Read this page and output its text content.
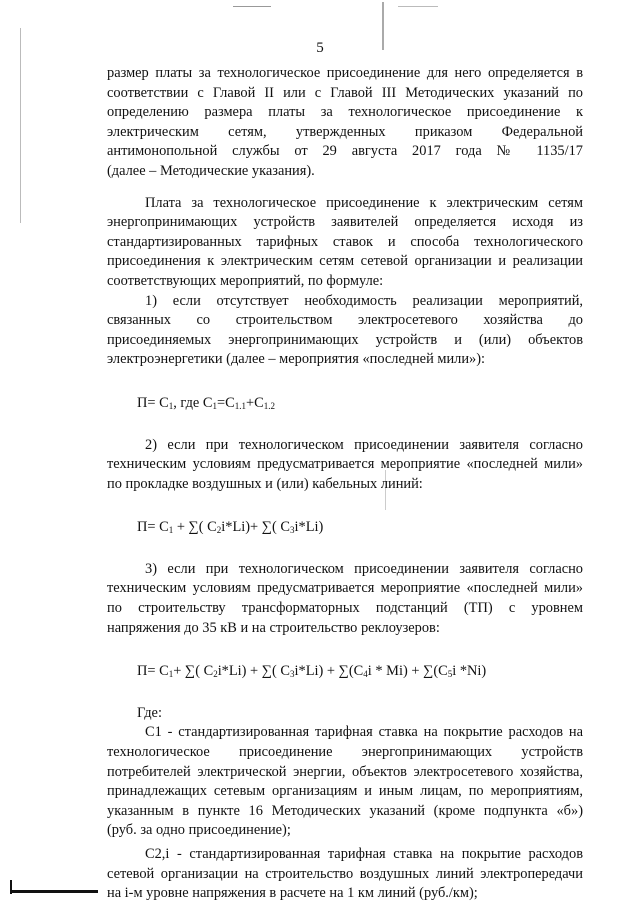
5

размер платы за технологическое присоединение для него определяется в

соответствии с Главой II или с Главой III Методических указаний по

определению размера платы за технологическое присоединение к

электрическим сетям, утвержденных приказом Федеральной

антимонопольной службы от 29 августа 2017 года № 1135/17

(далее – Методические указания).

Плата за технологическое присоединение к электрическим сетям

энергопринимающих устройств заявителей определяется исходя из

стандартизированных тарифных ставок и способа технологического

присоединения к электрическим сетям сетевой организации и реализации

соответствующих мероприятий, по формуле:

1) если отсутствует необходимость реализации мероприятий,

связанных со строительством электросетевого хозяйства до

присоединяемых энергопринимающих устройств и (или) объектов

электроэнергетики (далее – мероприятия «последней мили»):

$П= С_1$, где $С_1=С_{1.1}+С_{1.2}$

2) если при технологическом присоединении заявителя согласно

техническим условиям предусматривается мероприятие «последней мили»

по прокладке воздушных и (или) кабельных линий:

$П= С_1$ + ∑( $С_2i*Li)+$ ∑( $С_3i*Li$)

3) если при технологическом присоединении заявителя согласно

техническим условиям предусматривается мероприятие «последней мили»

по строительству трансформаторных подстанций (ТП) с уровнем

напряжения до 35 кВ и на строительство реклоузеров:

$П= С_1+$ ∑( $С_2i*Li$) + ∑( $С_3i*Li) + \sum(С_4i * Mi) + \sum(С_5i$ *Ni)

Где:

С1 - стандартизированная тарифная ставка на покрытие расходов на

технологическое присоединение энергопринимающих устройств

потребителей электрической энергии, объектов электросетевого хозяйства,

принадлежащих сетевым организациям и иным лицам, по мероприятиям,

указанным в пункте 16 Методических указаний (кроме подпункта «б»)

(руб. за одно присоединение);

С2,i - стандартизированная тарифная ставка на покрытие расходов

сетевой организации на строительство воздушных линий электропередачи

на i-м уровне напряжения в расчете на 1 км линий (руб./км);
